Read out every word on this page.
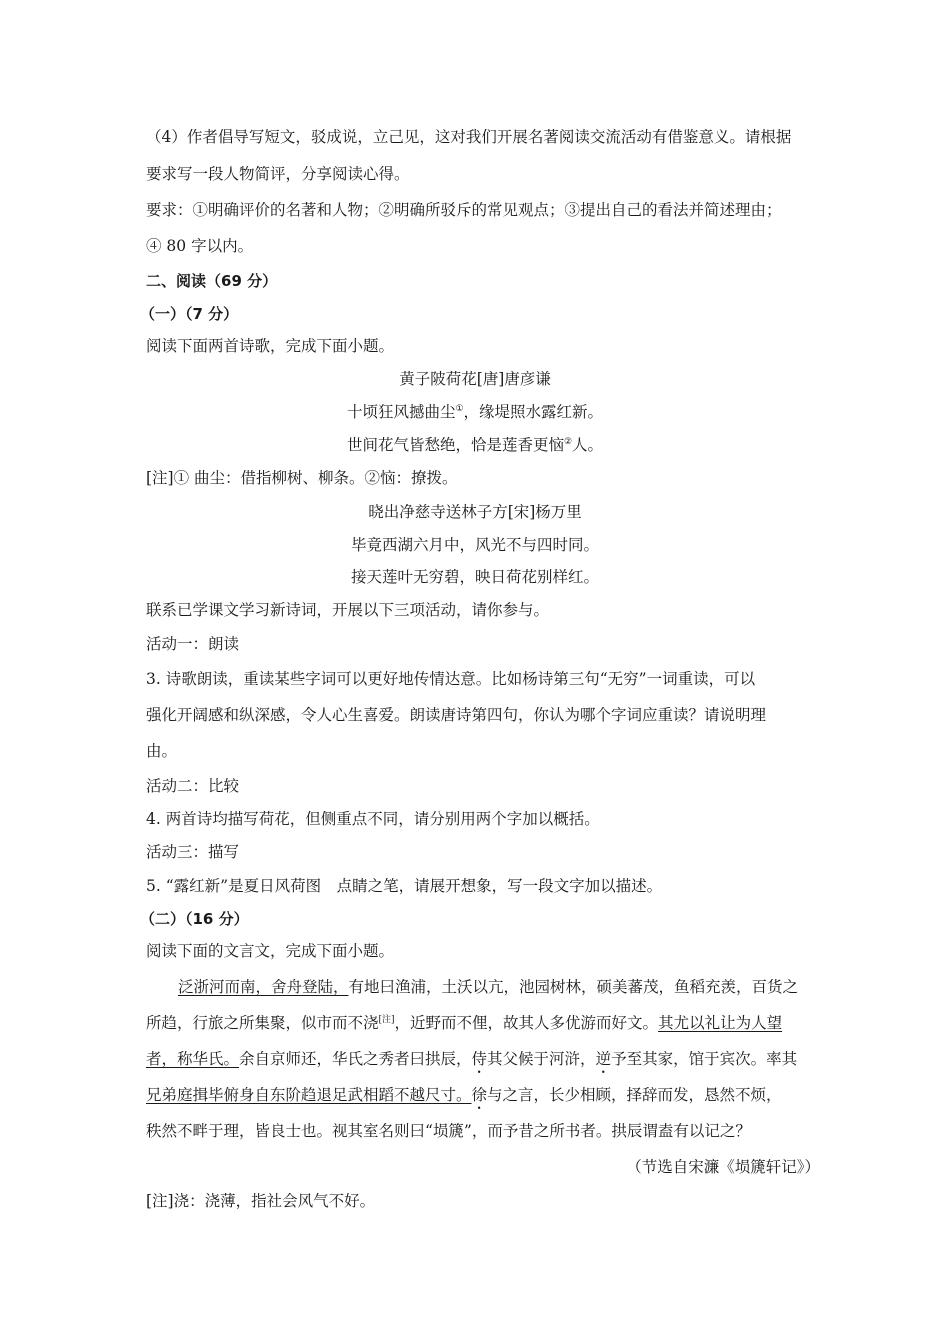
（4）作者倡导写短文，驳成说，立己见，这对我们开展名著阅读交流活动有借鉴意义。请根据
要求写一段人物简评，分享阅读心得。
要求：①明确评价的名著和人物；②明确所驳斥的常见观点；③提出自己的看法并简述理由；
④ 80 字以内。
二、阅读（69 分）
（一）（7 分）
阅读下面两首诗歌，完成下面小题。
黄子陂荷花[唐]唐彦谦
十顷狂风撼曲尘①，缘堤照水露红新。
世间花气皆愁绝，恰是莲香更恼②人。
[注]① 曲尘：借指柳树、柳条。②恼：撩拨。
晓出净慈寺送林子方[宋]杨万里
毕竟西湖六月中，风光不与四时同。
接天莲叶无穷碧，映日荷花别样红。
联系已学课文学习新诗词，开展以下三项活动，请你参与。
活动一：朗读
3. 诗歌朗读，重读某些字词可以更好地传情达意。比如杨诗第三句“无穷”一词重读，可以
强化开阔感和纵深感，令人心生喜爱。朗读唐诗第四句，你认为哪个字词应重读？请说明理
由。
活动二：比较
4. 两首诗均描写荷花，但侧重点不同，请分别用两个字加以概括。
活动三：描写
5. “露红新”是夏日风荷图　点睛之笔，请展开想象，写一段文字加以描述。
（二）（16 分）
阅读下面的文言文，完成下面小题。
泛浙河而南，舍舟登陆，有地曰渔浦，土沃以亢，池园树林，硕美蕃茂，鱼稻充羡，百货之
所趋，行旅之所集聚，似市而不浇[注]，近野而不俚，故其人多优游而好文。其尤以礼让为人望
者，称华氏。余自京师还，华氏之秀者曰拱辰，侍其父候于河浒，逆予至其家，馆于宾次。率其
兄弟庭揖毕俯身自东阶趋退足武相蹈不越尺寸。徐与之言，长少相顾，择辞而发，恳然不烦，
秩然不畔于理，皆良士也。视其室名则曰“埙篪”，而予昔之所书者。拱辰谓盍有以记之？
（节选自宋濂《埙篪轩记》）
[注]浇：浇薄，指社会风气不好。
